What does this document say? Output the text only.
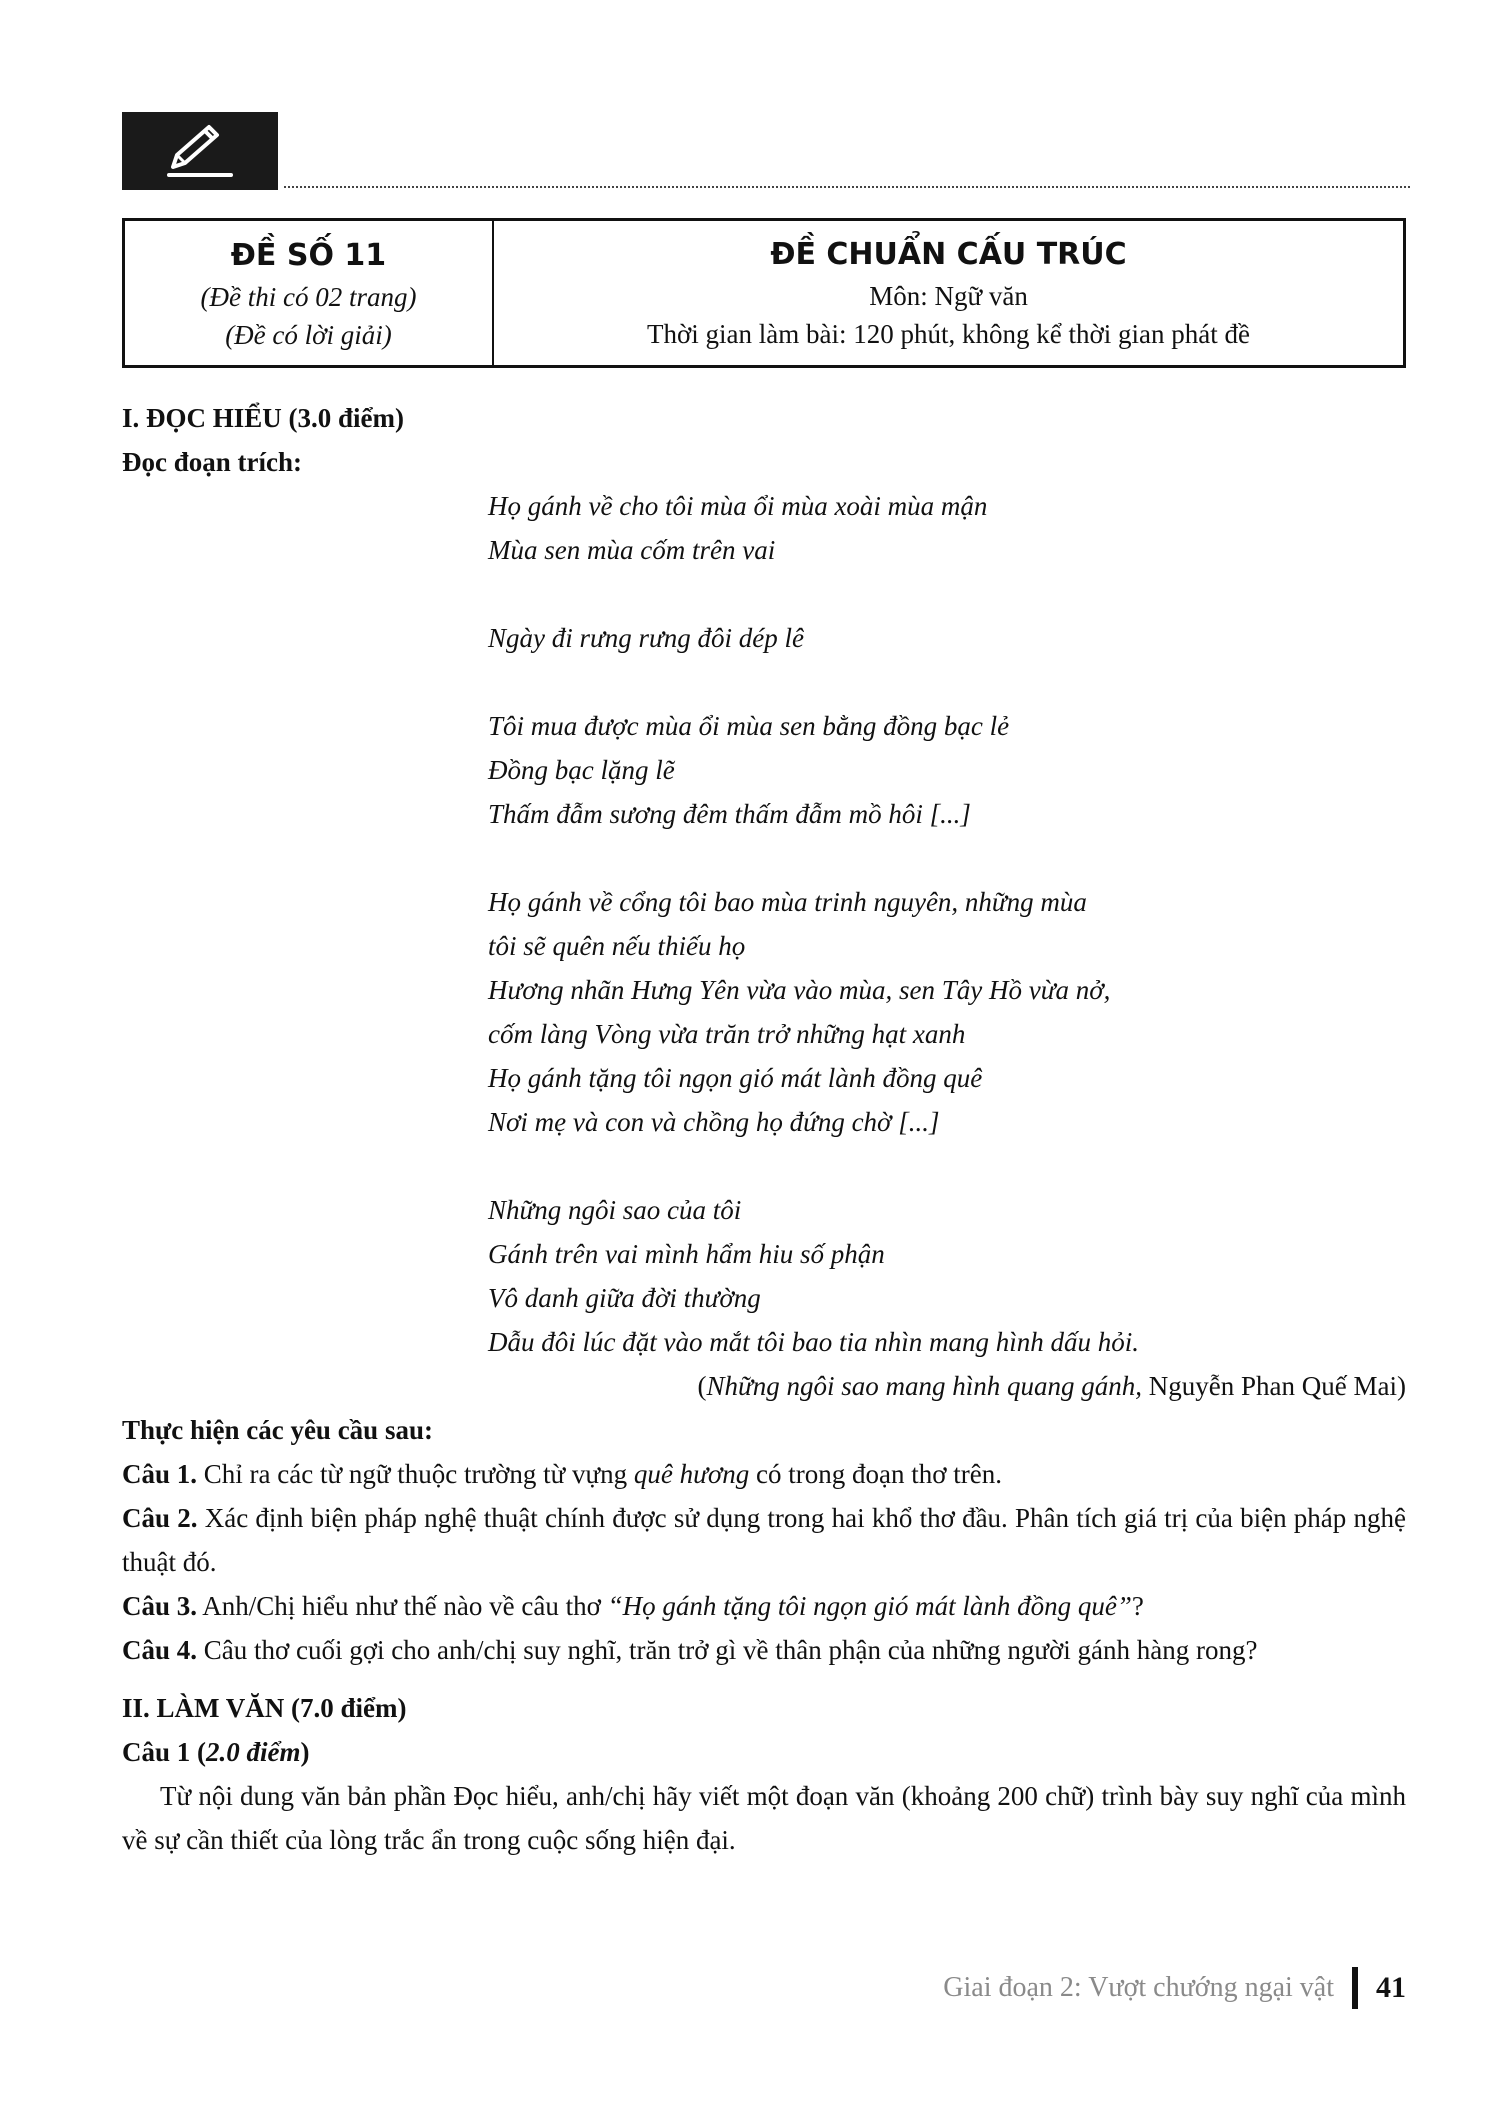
ĐỀ SỐ 11
(Đề thi có 02 trang)
(Đề có lời giải)
ĐỀ CHUẨN CẤU TRÚC
Môn: Ngữ văn
Thời gian làm bài: 120 phút, không kể thời gian phát đề
I. ĐỌC HIỂU (3.0 điểm)
Đọc đoạn trích:
Họ gánh về cho tôi mùa ổi mùa xoài mùa mận
Mùa sen mùa cốm trên vai
Ngày đi rưng rưng đôi dép lê
Tôi mua được mùa ổi mùa sen bằng đồng bạc lẻ
Đồng bạc lặng lẽ
Thấm đẫm sương đêm thấm đẫm mồ hôi [...]
Họ gánh về cổng tôi bao mùa trinh nguyên, những mùa
tôi sẽ quên nếu thiếu họ
Hương nhãn Hưng Yên vừa vào mùa, sen Tây Hồ vừa nở,
cốm làng Vòng vừa trăn trở những hạt xanh
Họ gánh tặng tôi ngọn gió mát lành đồng quê
Nơi mẹ và con và chồng họ đứng chờ [...]
Những ngôi sao của tôi
Gánh trên vai mình hẩm hiu số phận
Vô danh giữa đời thường
Dẫu đôi lúc đặt vào mắt tôi bao tia nhìn mang hình dấu hỏi.
(Những ngôi sao mang hình quang gánh, Nguyễn Phan Quế Mai)
Thực hiện các yêu cầu sau:
Câu 1. Chỉ ra các từ ngữ thuộc trường từ vựng quê hương có trong đoạn thơ trên.
Câu 2. Xác định biện pháp nghệ thuật chính được sử dụng trong hai khổ thơ đầu. Phân tích giá trị của biện pháp nghệ thuật đó.
Câu 3. Anh/Chị hiểu như thế nào về câu thơ “Họ gánh tặng tôi ngọn gió mát lành đồng quê”?
Câu 4. Câu thơ cuối gợi cho anh/chị suy nghĩ, trăn trở gì về thân phận của những người gánh hàng rong?
II. LÀM VĂN (7.0 điểm)
Câu 1 (2.0 điểm)
Từ nội dung văn bản phần Đọc hiểu, anh/chị hãy viết một đoạn văn (khoảng 200 chữ) trình bày suy nghĩ của mình về sự cần thiết của lòng trắc ẩn trong cuộc sống hiện đại.
Giai đoạn 2: Vượt chướng ngại vật 41
